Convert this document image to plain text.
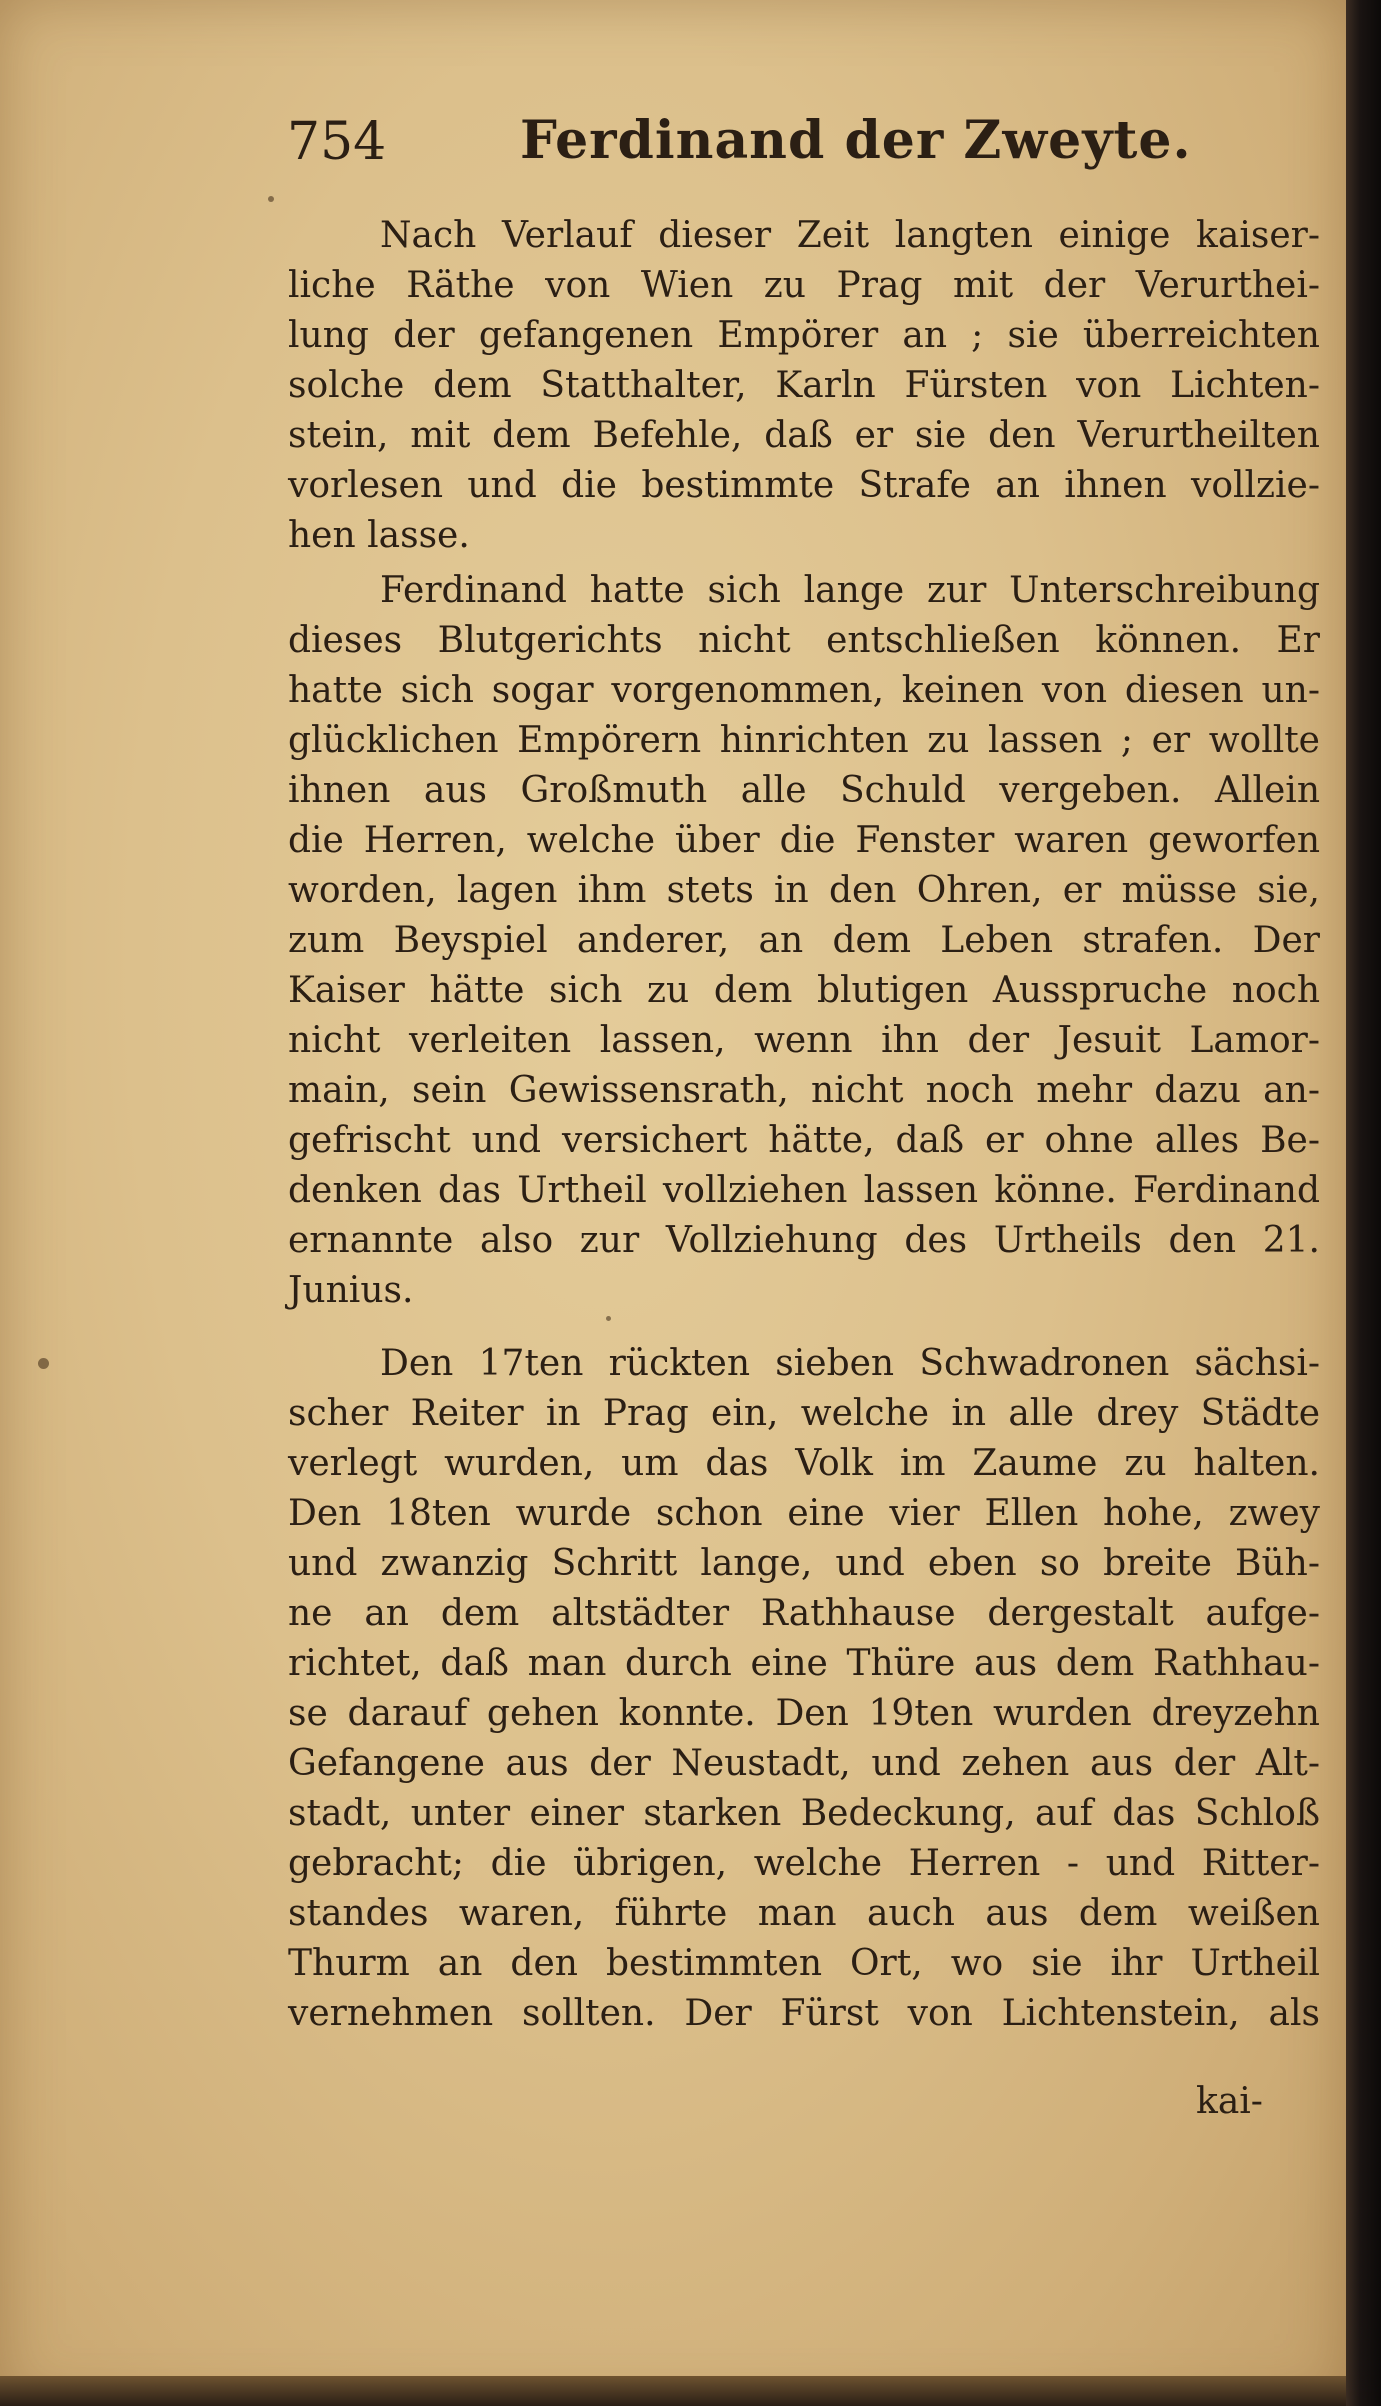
754	Ferdinand der Zweyte.

Nach Verlauf dieser Zeit langten einige kaiser-

liche Räthe von Wien zu Prag mit der Verurthei-

lung der gefangenen Empörer an ; sie überreichten

solche dem Statthalter, Karln Fürsten von Lichten-

stein, mit dem Befehle, daß er sie den Verurtheilten

vorlesen und die bestimmte Strafe an ihnen vollzie-

hen lasse.

Ferdinand hatte sich lange zur Unterschreibung

dieses Blutgerichts nicht entschließen können. Er

hatte sich sogar vorgenommen, keinen von diesen un-

glücklichen Empörern hinrichten zu lassen ; er wollte

ihnen aus Großmuth alle Schuld vergeben. Allein

die Herren, welche über die Fenster waren geworfen

worden, lagen ihm stets in den Ohren, er müsse sie,

zum Beyspiel anderer, an dem Leben strafen. Der

Kaiser hätte sich zu dem blutigen Ausspruche noch

nicht verleiten lassen, wenn ihn der Jesuit Lamor-

main, sein Gewissensrath, nicht noch mehr dazu an-

gefrischt und versichert hätte, daß er ohne alles Be-

denken das Urtheil vollziehen lassen könne. Ferdinand

ernannte also zur Vollziehung des Urtheils den 21.

Junius.

Den 17ten rückten sieben Schwadronen sächsi-

scher Reiter in Prag ein, welche in alle drey Städte

verlegt wurden, um das Volk im Zaume zu halten.

Den 18ten wurde schon eine vier Ellen hohe, zwey

und zwanzig Schritt lange, und eben so breite Büh-

ne an dem altstädter Rathhause dergestalt aufge-

richtet, daß man durch eine Thüre aus dem Rathhau-

se darauf gehen konnte. Den 19ten wurden dreyzehn

Gefangene aus der Neustadt, und zehen aus der Alt-

stadt, unter einer starken Bedeckung, auf das Schloß

gebracht; die übrigen, welche Herren - und Ritter-

standes waren, führte man auch aus dem weißen

Thurm an den bestimmten Ort, wo sie ihr Urtheil

vernehmen sollten. Der Fürst von Lichtenstein, als

kai-
